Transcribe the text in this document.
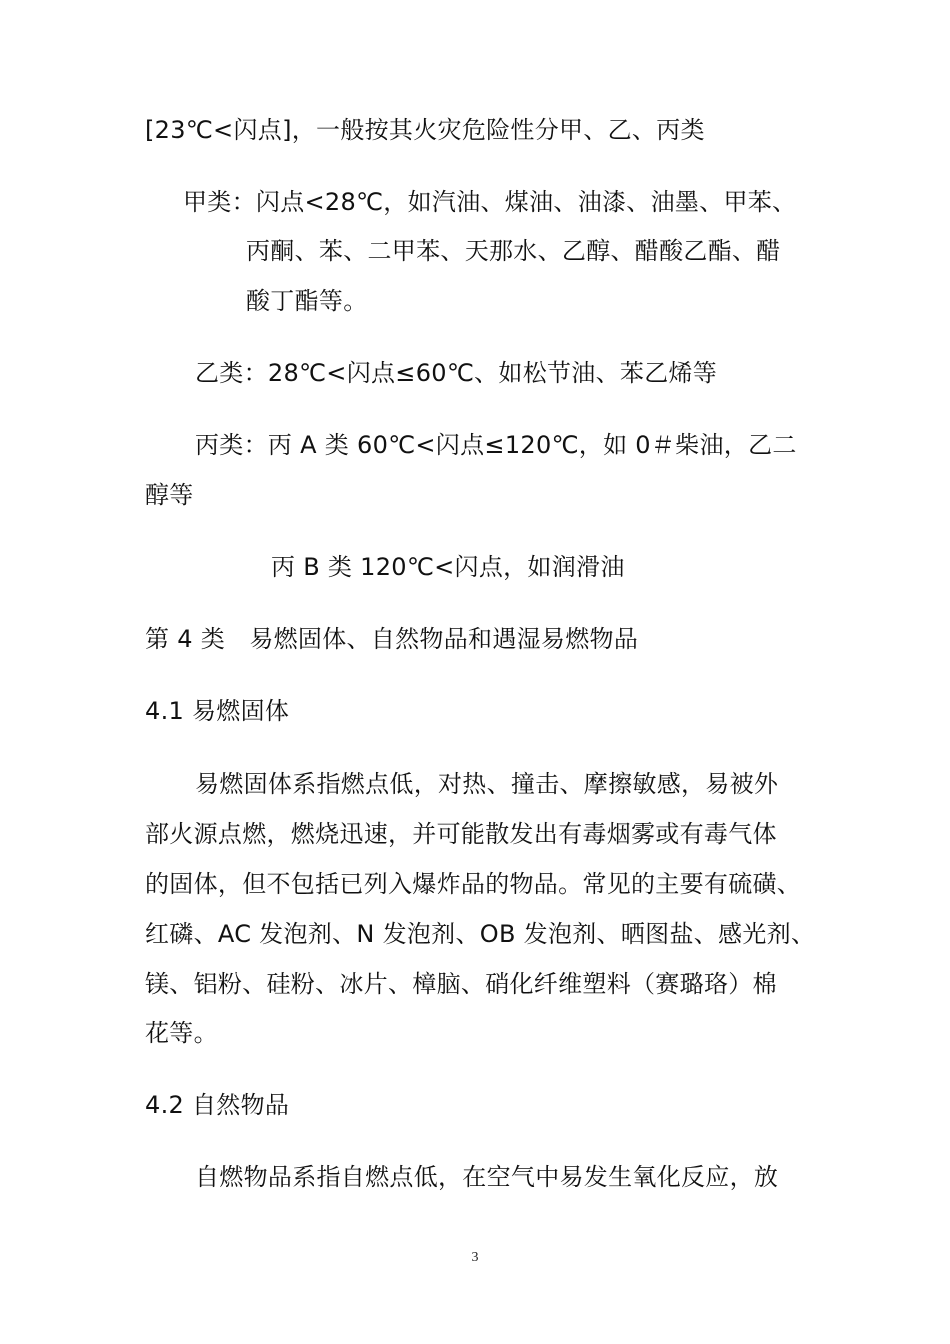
[23℃<闪点]，一般按其火灾危险性分甲、乙、丙类
甲类：闪点<28℃，如汽油、煤油、油漆、油墨、甲苯、
丙酮、苯、二甲苯、天那水、乙醇、醋酸乙酯、醋
酸丁酯等。
乙类：28℃<闪点≤60℃、如松节油、苯乙烯等
丙类：丙 A 类 60℃<闪点≤120℃，如 0＃柴油，乙二
醇等
丙 B 类 120℃<闪点，如润滑油
第 4 类　易燃固体、自然物品和遇湿易燃物品
4.1 易燃固体
易燃固体系指燃点低，对热、撞击、摩擦敏感，易被外
部火源点燃，燃烧迅速，并可能散发出有毒烟雾或有毒气体
的固体，但不包括已列入爆炸品的物品。常见的主要有硫磺、
红磷、AC 发泡剂、N 发泡剂、OB 发泡剂、晒图盐、感光剂、
镁、铝粉、硅粉、冰片、樟脑、硝化纤维塑料（赛璐珞）棉
花等。
4.2 自然物品
自燃物品系指自燃点低，在空气中易发生氧化反应，放
3
